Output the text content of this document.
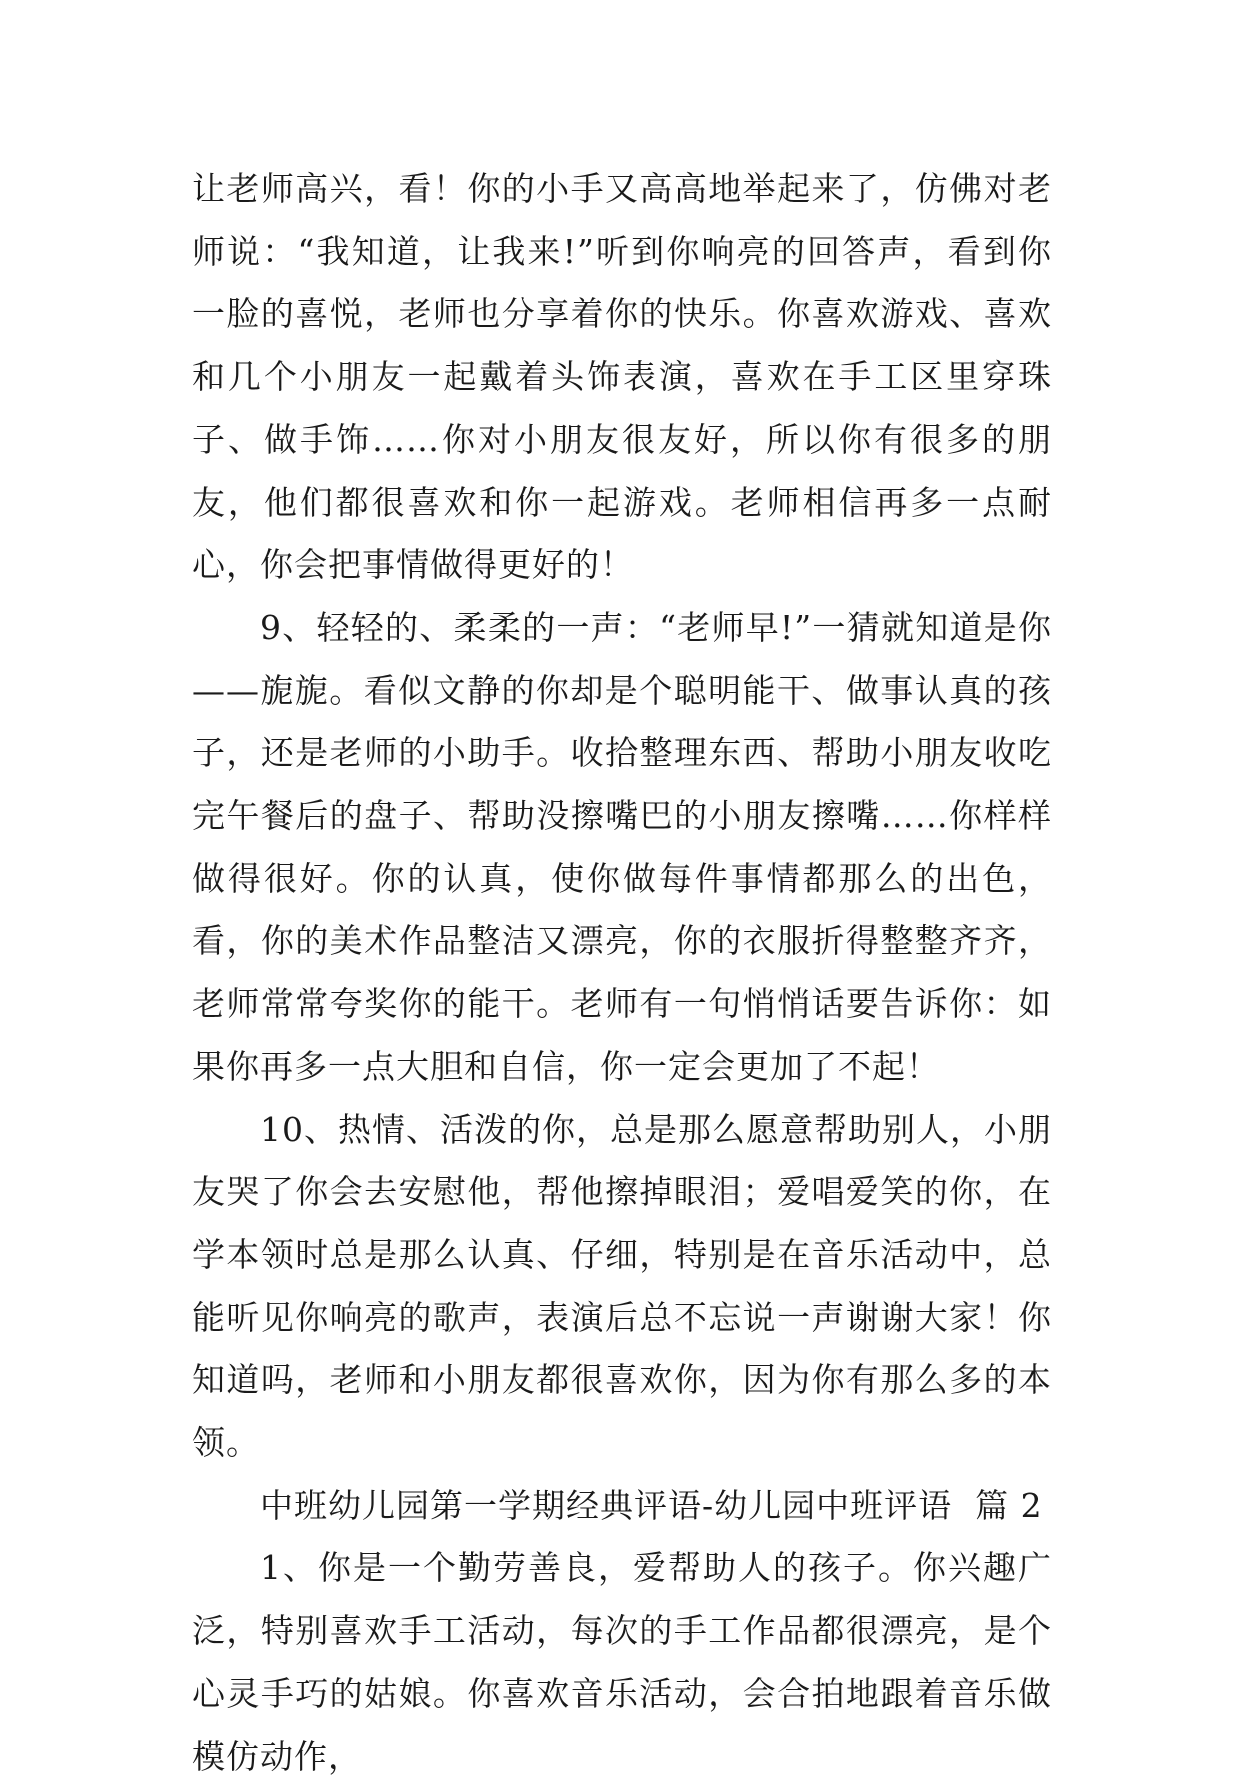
让老师高兴，看！你的小手又高高地举起来了，仿佛对老师说：“我知道，让我来!”听到你响亮的回答声，看到你一脸的喜悦，老师也分享着你的快乐。你喜欢游戏、喜欢和几个小朋友一起戴着头饰表演，喜欢在手工区里穿珠子、做手饰……你对小朋友很友好，所以你有很多的朋友，他们都很喜欢和你一起游戏。老师相信再多一点耐心，你会把事情做得更好的！

9、轻轻的、柔柔的一声：“老师早!”一猜就知道是你——旎旎。看似文静的你却是个聪明能干、做事认真的孩子，还是老师的小助手。收拾整理东西、帮助小朋友收吃完午餐后的盘子、帮助没擦嘴巴的小朋友擦嘴……你样样做得很好。你的认真，使你做每件事情都那么的出色，看，你的美术作品整洁又漂亮，你的衣服折得整整齐齐，老师常常夸奖你的能干。老师有一句悄悄话要告诉你：如果你再多一点大胆和自信，你一定会更加了不起！

10、热情、活泼的你，总是那么愿意帮助别人，小朋友哭了你会去安慰他，帮他擦掉眼泪；爱唱爱笑的你，在学本领时总是那么认真、仔细，特别是在音乐活动中，总能听见你响亮的歌声，表演后总不忘说一声谢谢大家！你知道吗，老师和小朋友都很喜欢你，因为你有那么多的本领。

中班幼儿园第一学期经典评语-幼儿园中班评语  篇 2

1、你是一个勤劳善良，爱帮助人的孩子。你兴趣广泛，特别喜欢手工活动，每次的手工作品都很漂亮，是个心灵手巧的姑娘。你喜欢音乐活动，会合拍地跟着音乐做模仿动作，
